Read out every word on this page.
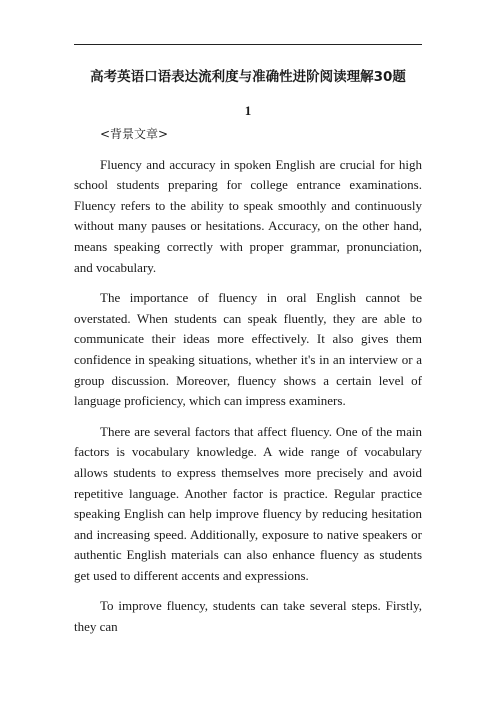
高考英语口语表达流利度与准确性进阶阅读理解30题
1

<背景文章>

Fluency and accuracy in spoken English are crucial for high school students preparing for college entrance examinations. Fluency refers to the ability to speak smoothly and continuously without many pauses or hesitations. Accuracy, on the other hand, means speaking correctly with proper grammar, pronunciation, and vocabulary.

The importance of fluency in oral English cannot be overstated. When students can speak fluently, they are able to communicate their ideas more effectively. It also gives them confidence in speaking situations, whether it's in an interview or a group discussion. Moreover, fluency shows a certain level of language proficiency, which can impress examiners.

There are several factors that affect fluency. One of the main factors is vocabulary knowledge. A wide range of vocabulary allows students to express themselves more precisely and avoid repetitive language. Another factor is practice. Regular practice speaking English can help improve fluency by reducing hesitation and increasing speed. Additionally, exposure to native speakers or authentic English materials can also enhance fluency as students get used to different accents and expressions.

To improve fluency, students can take several steps. Firstly, they can
